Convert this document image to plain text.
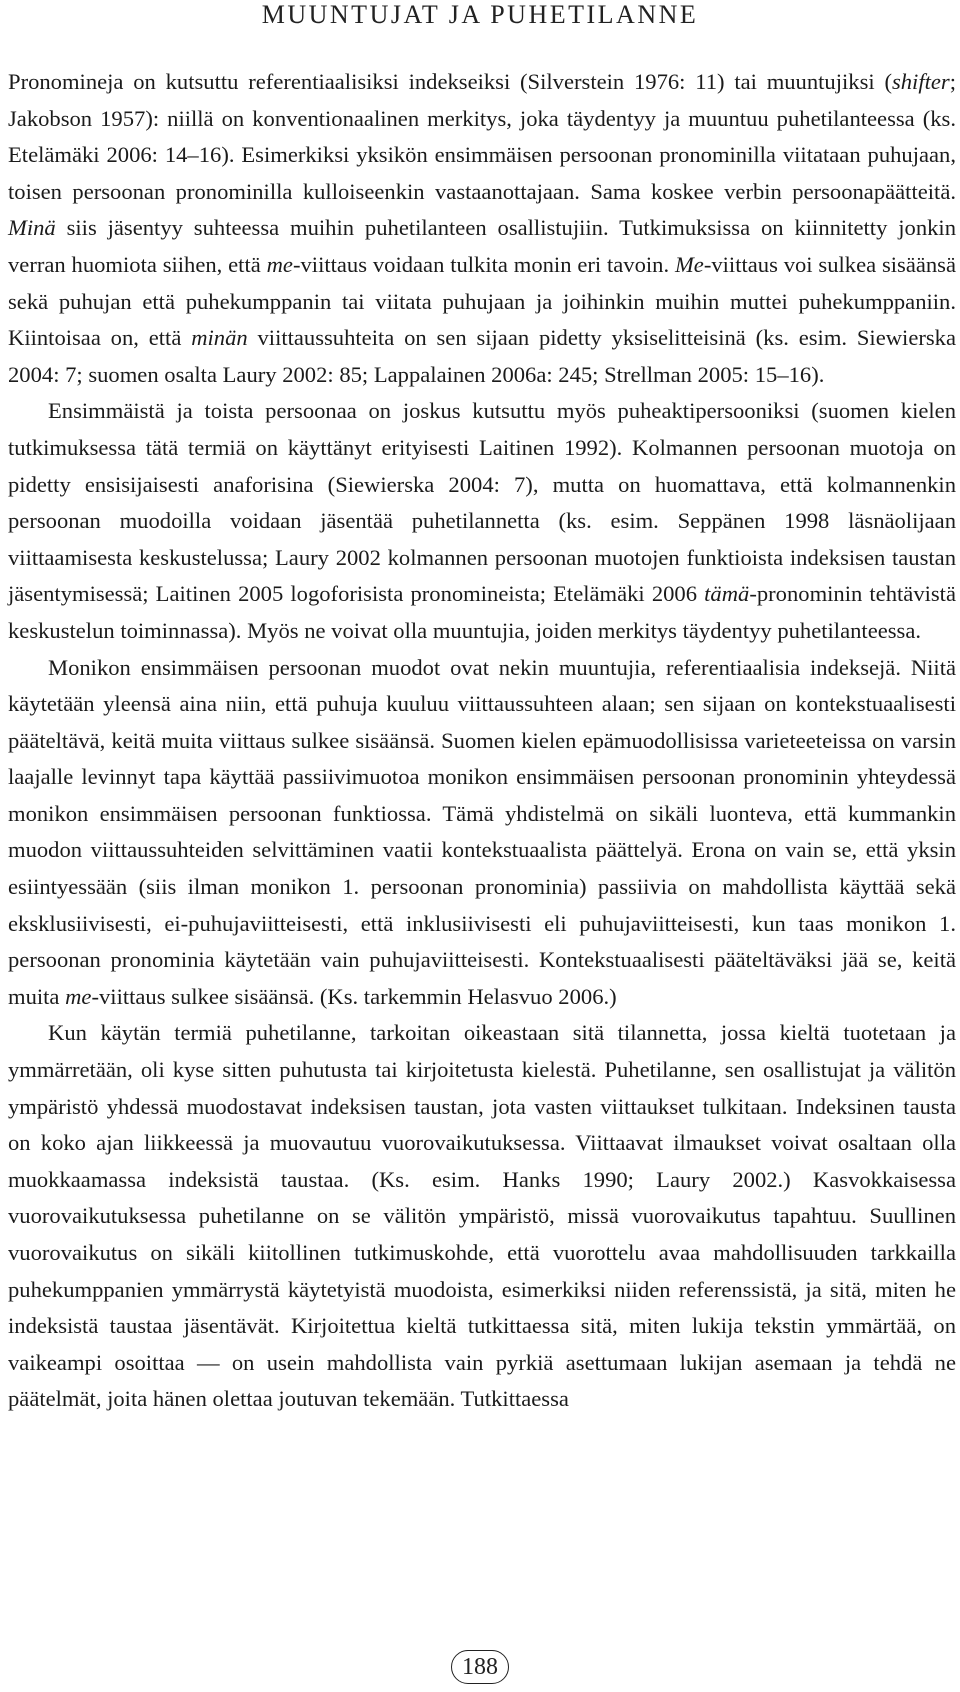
MUUNTUJAT JA PUHETILANNE

Pronomineja on kutsuttu referentiaalisiksi indekseiksi (Silverstein 1976: 11) tai muuntujiksi (shifter; Jakobson 1957): niillä on konventionaalinen merkitys, joka täydentyy ja muuntuu puhetilanteessa (ks. Etelämäki 2006: 14–16). Esimerkiksi yksikön ensimmäisen persoonan pronominilla viitataan puhujaan, toisen persoonan pronominilla kulloiseenkin vastaanottajaan. Sama koskee verbin persoonapäätteitä. Minä siis jäsentyy suhteessa muihin puhetilanteen osallistujiin. Tutkimuksissa on kiinnitetty jonkin verran huomiota siihen, että me-viittaus voidaan tulkita monin eri tavoin. Me-viittaus voi sulkea sisäänsä sekä puhujan että puhekumppanin tai viitata puhujaan ja joihinkin muihin muttei puhekumppaniin. Kiintoisaa on, että minän viittaussuhteita on sen sijaan pidetty yksiselitteisinä (ks. esim. Siewierska 2004: 7; suomen osalta Laury 2002: 85; Lappalainen 2006a: 245; Strellman 2005: 15–16).

Ensimmäistä ja toista persoonaa on joskus kutsuttu myös puheaktipersooniksi (suomen kielen tutkimuksessa tätä termiä on käyttänyt erityisesti Laitinen 1992). Kolmannen persoonan muotoja on pidetty ensisijaisesti anaforisina (Siewierska 2004: 7), mutta on huomattava, että kolmannenkin persoonan muodoilla voidaan jäsentää puhetilannetta (ks. esim. Seppänen 1998 läsnäolijaan viittaamisesta keskustelussa; Laury 2002 kolmannen persoonan muotojen funktioista indeksisen taustan jäsentymisessä; Laitinen 2005 logoforisista pronomineista; Etelämäki 2006 tämä-pronominin tehtävistä keskustelun toiminnassa). Myös ne voivat olla muuntujia, joiden merkitys täydentyy puhetilanteessa.

Monikon ensimmäisen persoonan muodot ovat nekin muuntujia, referentiaalisia indeksejä. Niitä käytetään yleensä aina niin, että puhuja kuuluu viittaussuhteen alaan; sen sijaan on kontekstuaalisesti pääteltävä, keitä muita viittaus sulkee sisäänsä. Suomen kielen epämuodollisissa varieteeteissa on varsin laajalle levinnyt tapa käyttää passiivimuotoa monikon ensimmäisen persoonan pronominin yhteydessä monikon ensimmäisen persoonan funktiossa. Tämä yhdistelmä on sikäli luonteva, että kummankin muodon viittaussuhteiden selvittäminen vaatii kontekstuaalista päättelyä. Erona on vain se, että yksin esiintyessään (siis ilman monikon 1. persoonan pronominia) passiivia on mahdollista käyttää sekä eksklusiivisesti, ei-puhujaviitteisesti, että inklusiivisesti eli puhujaviitteisesti, kun taas monikon 1. persoonan pronominia käytetään vain puhujaviitteisesti. Kontekstuaalisesti pääteltäväksi jää se, keitä muita me-viittaus sulkee sisäänsä. (Ks. tarkemmin Helasvuo 2006.)

Kun käytän termiä puhetilanne, tarkoitan oikeastaan sitä tilannetta, jossa kieltä tuotetaan ja ymmärretään, oli kyse sitten puhutusta tai kirjoitetusta kielestä. Puhetilanne, sen osallistujat ja välitön ympäristö yhdessä muodostavat indeksisen taustan, jota vasten viittaukset tulkitaan. Indeksinen tausta on koko ajan liikkeessä ja muovautuu vuorovaikutuksessa. Viittaavat ilmaukset voivat osaltaan olla muokkaamassa indeksistä taustaa. (Ks. esim. Hanks 1990; Laury 2002.) Kasvokkaisessa vuorovaikutuksessa puhetilanne on se välitön ympäristö, missä vuorovaikutus tapahtuu. Suullinen vuorovaikutus on sikäli kiitollinen tutkimuskohde, että vuorottelu avaa mahdollisuuden tarkkailla puhekumppanien ymmärrystä käytetyistä muodoista, esimerkiksi niiden referenssistä, ja sitä, miten he indeksistä taustaa jäsentävät. Kirjoitettua kieltä tutkittaessa sitä, miten lukija tekstin ymmärtää, on vaikeampi osoittaa — on usein mahdollista vain pyrkiä asettumaan lukijan asemaan ja tehdä ne päätelmät, joita hänen olettaa joutuvan tekemään. Tutkittaessa

188
